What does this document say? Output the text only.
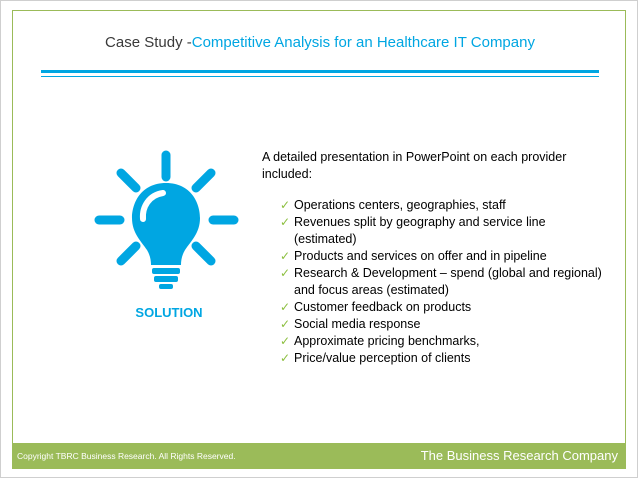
Case Study -Competitive Analysis for an Healthcare IT Company
SOLUTION

A detailed presentation in PowerPoint on each provider included:

✓ Operations centers, geographies, staff
✓ Revenues split by geography and service line (estimated)
✓ Products and services on offer and in pipeline
✓ Research & Development – spend (global and regional) and focus areas (estimated)
✓ Customer feedback on products
✓ Social media response
✓ Approximate pricing benchmarks,
✓ Price/value perception of clients
Copyright TBRC Business Research. All Rights Reserved.	The Business Research Company
